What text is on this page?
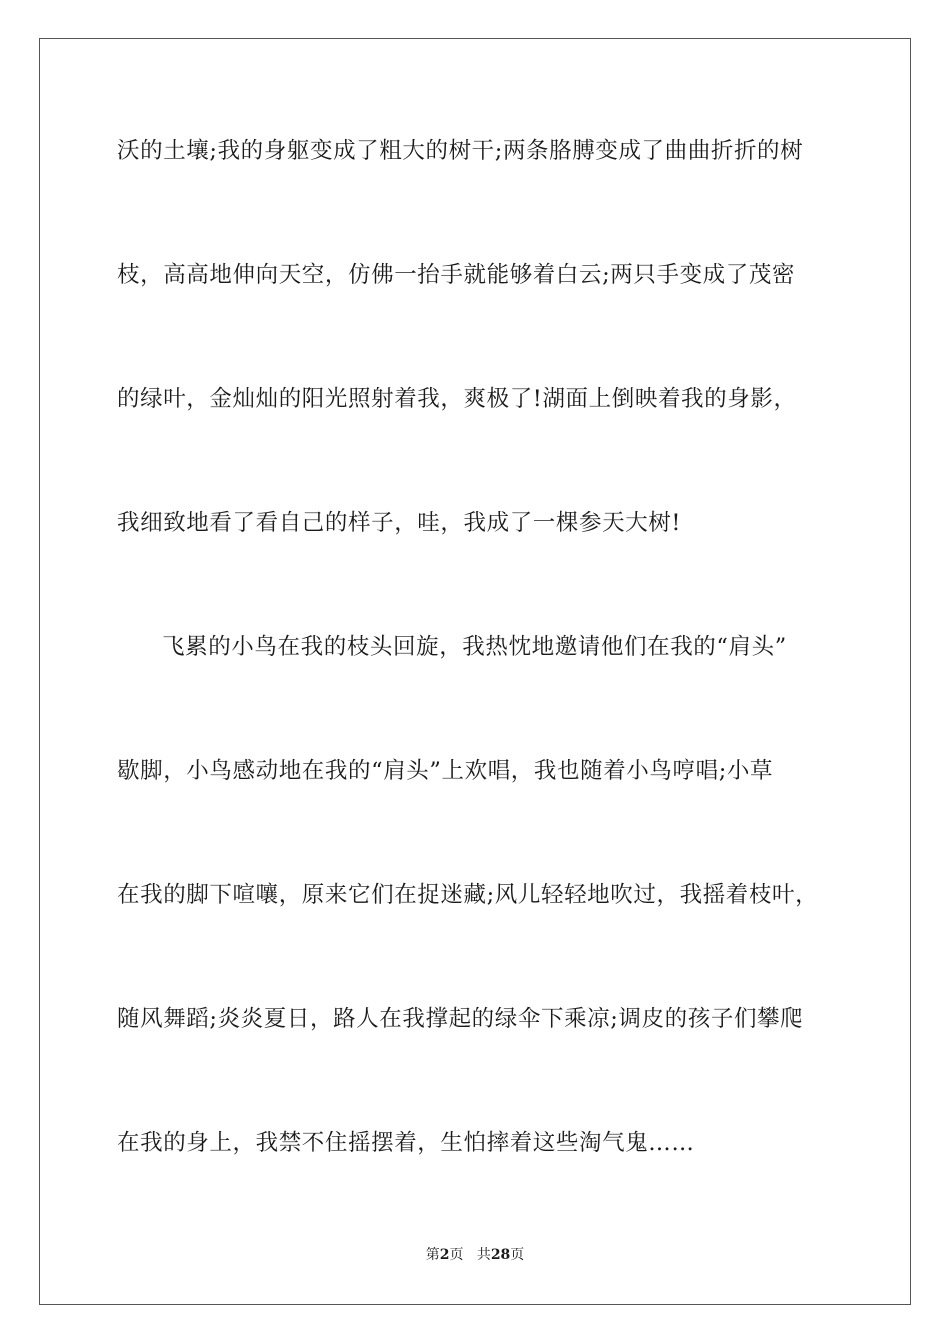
沃的土壤;我的身躯变成了粗大的树干;两条胳膊变成了曲曲折折的树
枝，高高地伸向天空，仿佛一抬手就能够着白云;两只手变成了茂密
的绿叶，金灿灿的阳光照射着我，爽极了!湖面上倒映着我的身影，
我细致地看了看自己的样子，哇，我成了一棵参天大树!
飞累的小鸟在我的枝头回旋，我热忱地邀请他们在我的“肩头”
歇脚，小鸟感动地在我的“肩头”上欢唱，我也随着小鸟哼唱;小草
在我的脚下喧嚷，原来它们在捉迷藏;风儿轻轻地吹过，我摇着枝叶，
随风舞蹈;炎炎夏日，路人在我撑起的绿伞下乘凉;调皮的孩子们攀爬
在我的身上，我禁不住摇摆着，生怕摔着这些淘气鬼……
第2页 共28页
